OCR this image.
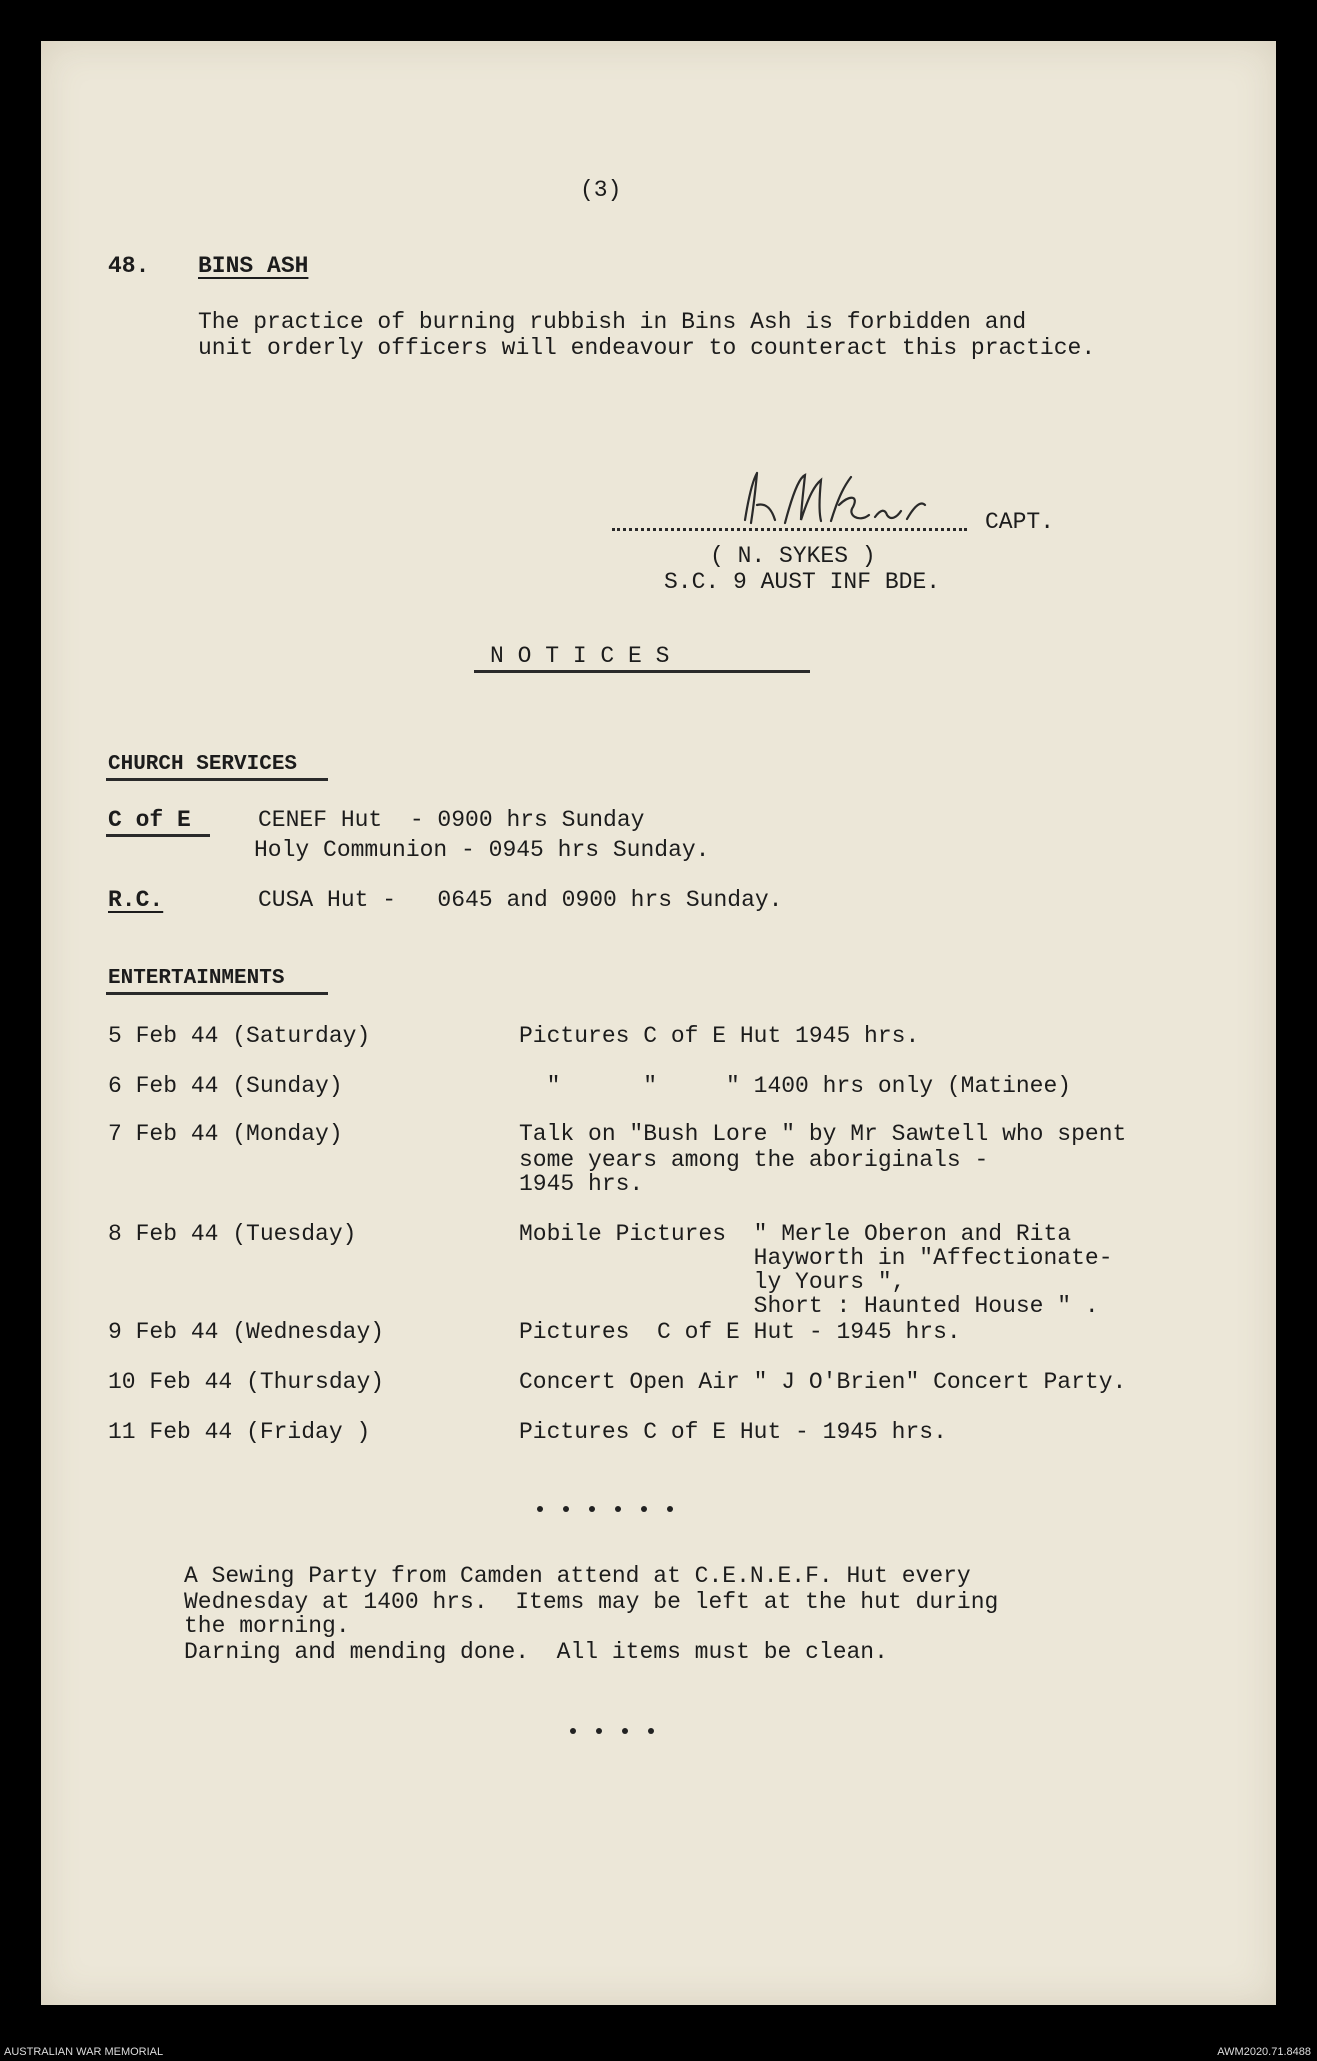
(3)
48. BINS ASH
The practice of burning rubbish in Bins Ash is forbidden and
unit orderly officers will endeavour to counteract this practice.
CAPT.
( N. SYKES )
S.C. 9 AUST INF BDE.
N O T I C E S
CHURCH SERVICES
C of E	CENEF Hut  - 0900 hrs Sunday
Holy Communion - 0945 hrs Sunday.
R.C.	CUSA Hut -   0645 and 0900 hrs Sunday.
ENTERTAINMENTS
5 Feb 44 (Saturday)	Pictures C of E Hut 1945 hrs.
6 Feb 44 (Sunday)	"      "     " 1400 hrs only (Matinee)
7 Feb 44 (Monday)	Talk on "Bush Lore " by Mr Sawtell who spent
some years among the aboriginals -
1945 hrs.
8 Feb 44 (Tuesday)	Mobile Pictures  " Merle Oberon and Rita
Hayworth in "Affectionate-
ly Yours ",
Short : Haunted House " .
9 Feb 44 (Wednesday)	Pictures  C of E Hut - 1945 hrs.
10 Feb 44 (Thursday)	Concert Open Air " J O'Brien" Concert Party.
11 Feb 44 (Friday )	Pictures C of E Hut - 1945 hrs.
A Sewing Party from Camden attend at C.E.N.E.F. Hut every
Wednesday at 1400 hrs.  Items may be left at the hut during
the morning.
Darning and mending done.  All items must be clean.
AUSTRALIAN WAR MEMORIAL	AWM2020.71.8488
